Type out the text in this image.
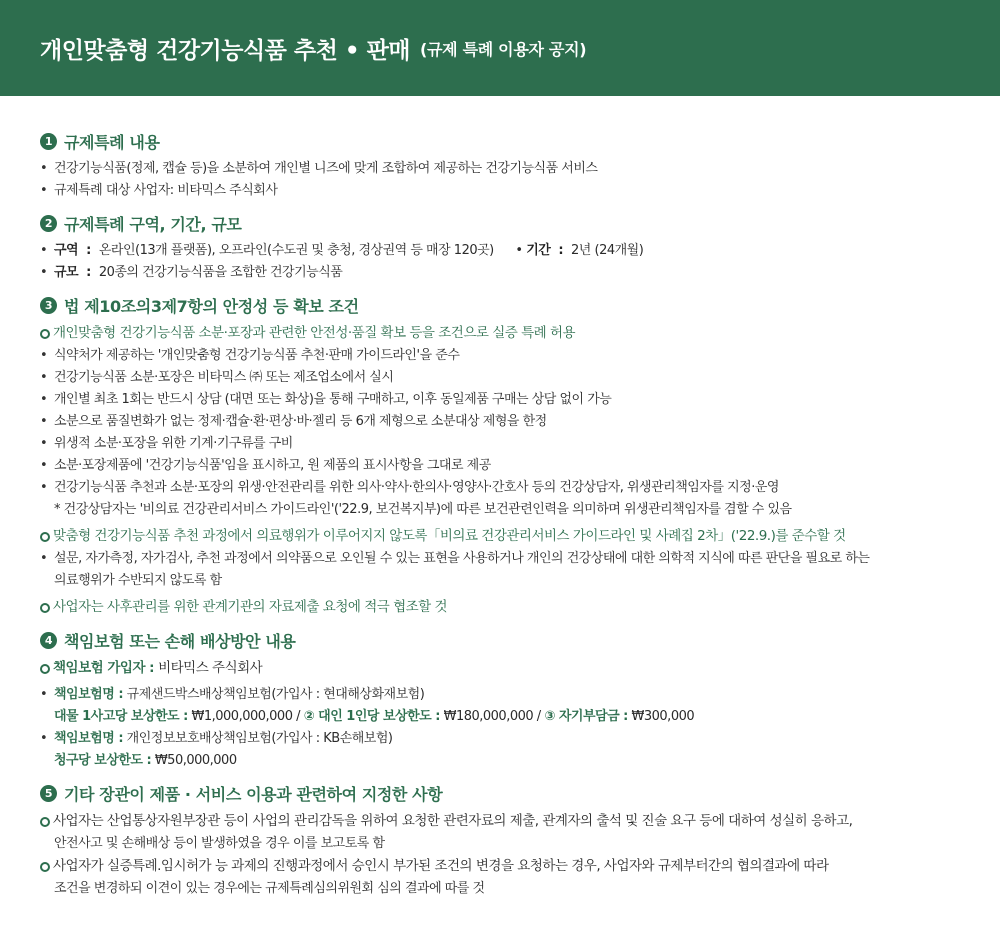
개인맞춤형 건강기능식품 추천 • 판매 (규제 특례 이용자 공지)
1 규제특례 내용
• 건강기능식품(정제, 캡슐 등)을 소분하여 개인별 니즈에 맞게 조합하여 제공하는 건강기능식품 서비스
• 규제특례 대상 사업자: 비타믹스 주식회사
2 규제특례 구역, 기간, 규모
• 구역 : 온라인(13개 플랫폼), 오프라인(수도권 및 충청, 경상권역 등 매장 120곳) • 기간 : 2년 (24개월)
• 규모 : 20종의 건강기능식품을 조합한 건강기능식품
3 법 제10조의3제7항의 안정성 등 확보 조건
개인맞춤형 건강기능식품 소분·포장과 관련한 안전성·품질 확보 등을 조건으로 실증 특례 허용
• 식약처가 제공하는 '개인맞춤형 건강기능식품 추천·판매 가이드라인'을 준수
• 건강기능식품 소분·포장은 비타믹스 ㈜ 또는 제조업소에서 실시
• 개인별 최초 1회는 반드시 상담 (대면 또는 화상)을 통해 구매하고, 이후 동일제품 구매는 상담 없이 가능
• 소분으로 품질변화가 없는 정제·캡슐·환·편상·바·젤리 등 6개 제형으로 소분대상 제형을 한정
• 위생적 소분·포장을 위한 기계·기구류를 구비
• 소분·포장제품에 '건강기능식품'임을 표시하고, 원 제품의 표시사항을 그대로 제공
• 건강기능식품 추천과 소분·포장의 위생·안전관리를 위한 의사·약사·한의사·영양사·간호사 등의 건강상담자, 위생관리책임자를 지정·운영
* 건강상담자는 '비의료 건강관리서비스 가이드라인'('22.9, 보건복지부)에 따른 보건관련인력을 의미하며 위생관리책임자를 겸할 수 있음
맞춤형 건강기능식품 추천 과정에서 의료행위가 이루어지지 않도록「비의료 건강관리서비스 가이드라인 및 사례집 2차」('22.9.)를 준수할 것
• 설문, 자가측정, 자가검사, 추천 과정에서 의약품으로 오인될 수 있는 표현을 사용하거나 개인의 건강상태에 대한 의학적 지식에 따른 판단을 필요로 하는
의료행위가 수반되지 않도록 함
사업자는 사후관리를 위한 관계기관의 자료제출 요청에 적극 협조할 것
4 책임보험 또는 손해 배상방안 내용
책임보험 가입자 : 비타믹스 주식회사
• 책임보험명 : 규제샌드박스배상책임보험(가입사 : 현대해상화재보험)
대물 1사고당 보상한도 : ₩1,000,000,000 / ② 대인 1인당 보상한도 : ₩180,000,000 / ③ 자기부담금 : ₩300,000
• 책임보험명 : 개인정보보호배상책임보험(가입사 : KB손해보험)
청구당 보상한도 : ₩50,000,000
5 기타 장관이 제품 · 서비스 이용과 관련하여 지정한 사항
사업자는 산업통상자원부장관 등이 사업의 관리감독을 위하여 요청한 관련자료의 제출, 관계자의 출석 및 진술 요구 등에 대하여 성실히 응하고,
안전사고 및 손해배상 등이 발생하였을 경우 이를 보고토록 함
사업자가 실증특례.임시허가 능 과제의 진행과정에서 승인시 부가된 조건의 변경을 요청하는 경우, 사업자와 규제부터간의 협의결과에 따라
조건을 변경하되 이견이 있는 경우에는 규제특례심의위원회 심의 결과에 따를 것
